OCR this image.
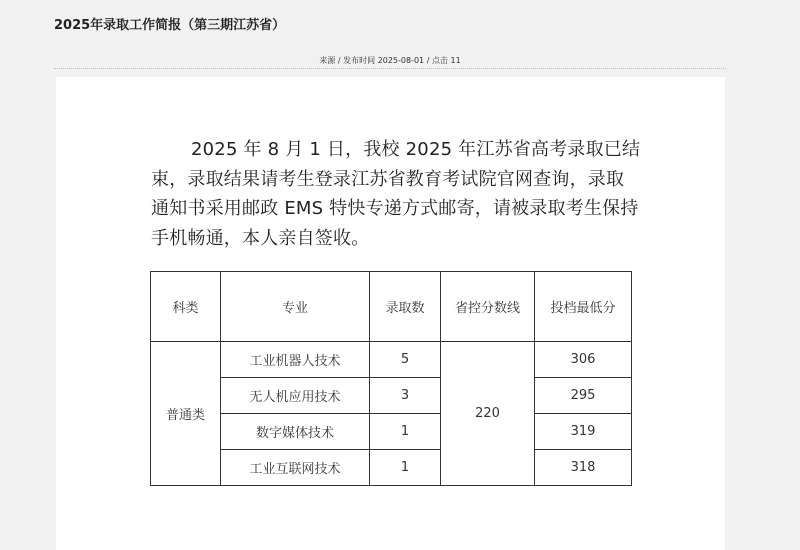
2025年录取工作简报（第三期江苏省）
来源 / 发布时间 2025-08-01 / 点击 11

2025 年 8 月 1 日，我校 2025 年江苏省高考录取已结束，录取结果请考生登录江苏省教育考试院官网查询，录取通知书采用邮政 EMS 特快专递方式邮寄，请被录取考生保持手机畅通，本人亲自签收。

科类	专业	录取数	省控分数线	投档最低分
普通类	工业机器人技术	5	220	306
	无人机应用技术	3		295
	数字媒体技术	1		319
	工业互联网技术	1		318
